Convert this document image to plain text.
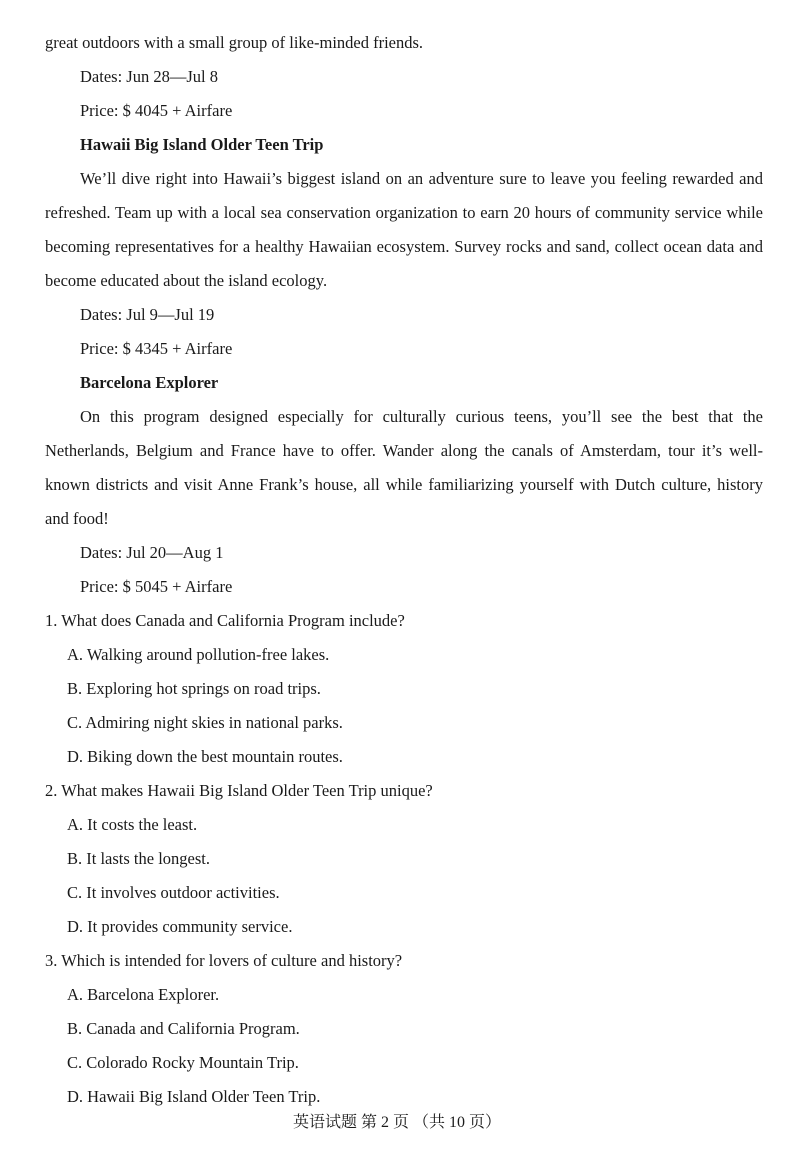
great outdoors with a small group of like-minded friends.
Dates: Jun 28—Jul 8
Price: $ 4045 + Airfare
Hawaii Big Island Older Teen Trip
We’ll dive right into Hawaii’s biggest island on an adventure sure to leave you feeling rewarded and refreshed. Team up with a local sea conservation organization to earn 20 hours of community service while becoming representatives for a healthy Hawaiian ecosystem. Survey rocks and sand, collect ocean data and become educated about the island ecology.
Dates: Jul 9—Jul 19
Price: $ 4345 + Airfare
Barcelona Explorer
On this program designed especially for culturally curious teens, you’ll see the best that the Netherlands, Belgium and France have to offer. Wander along the canals of Amsterdam, tour it’s well-known districts and visit Anne Frank’s house, all while familiarizing yourself with Dutch culture, history and food!
Dates: Jul 20—Aug 1
Price: $ 5045 + Airfare
1. What does Canada and California Program include?
A. Walking around pollution-free lakes.
B. Exploring hot springs on road trips.
C. Admiring night skies in national parks.
D. Biking down the best mountain routes.
2. What makes Hawaii Big Island Older Teen Trip unique?
A. It costs the least.
B. It lasts the longest.
C. It involves outdoor activities.
D. It provides community service.
3. Which is intended for lovers of culture and history?
A. Barcelona Explorer.
B. Canada and California Program.
C. Colorado Rocky Mountain Trip.
D. Hawaii Big Island Older Teen Trip.
英语试题 第 2 页 （共 10 页）
